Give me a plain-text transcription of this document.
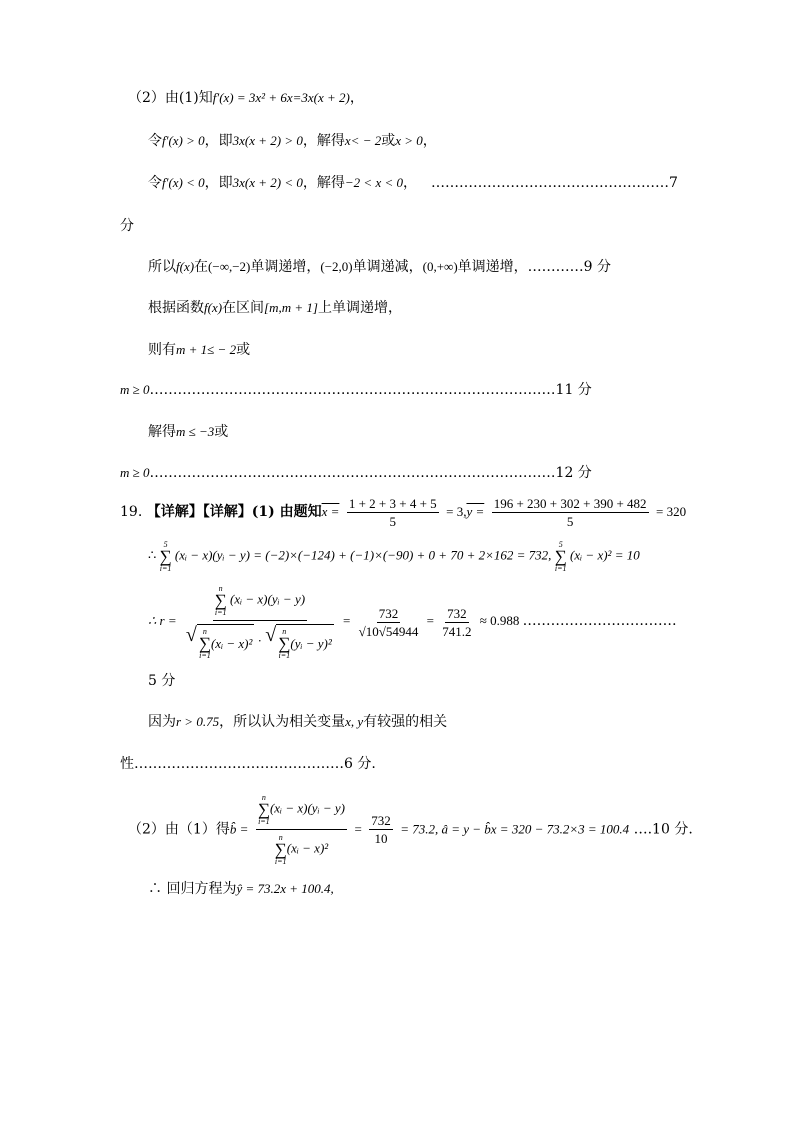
（2）由(1)知f′(x) = 3x² + 6x=3x(x + 2)，
令f′(x) > 0，即3x(x + 2) > 0，解得x< − 2或x > 0，
令f′(x) < 0，即3x(x + 2) < 0，解得−2 < x < 0， ……………………………………………7
分
所以f(x)在(−∞,−2)单调递增，(−2,0)单调递减，(0,+∞)单调递增，…………9 分
根据函数f(x)在区间[m,m + 1]上单调递增，
则有m + 1≤ − 2或
m ≥ 0……………………………………………………………………………11 分
解得m ≤ −3或
m ≥ 0……………………………………………………………………………12 分
19. 【详解】【详解】(1) 由题知$x = \frac{1 + 2 + 3 + 4 + 5}{5} = 3,y = \frac{196 + 230 + 302 + 390 + 482}{5} = 320$
∴
5
∑
i=1
(xᵢ − x)(yᵢ − y) = (−2)×(−124) + (−1)×(−90) + 0 + 70 + 2×162 = 732,
5
∑
i=1
(xᵢ − x)² = 10
∴ r = n
∑
i=1
(xᵢ − x)(yᵢ − y)
√ n
∑
i=1
(xᵢ − x)² · √ n
∑
i=1
(yᵢ − $y)^2 = \frac{732}{√10√54944} = \frac{732}{741.2} \approx 0.988$ ……………………………
5 分
因为r > 0.75，所以认为相关变量x, y有较强的相关
性………………………………………6 分.
（2）由（1）得b̂ = n
∑
i=1
(xᵢ − x)(yᵢ − y)
n
∑
i=1
(xᵢ − $x)^2 = \frac{732}{10} = 73.2$, â = y − b̂x = 320 − 73.2×3 = 100.4 ….10 分.
∴ 回归方程为ŷ = 73.2x + 100.4,
